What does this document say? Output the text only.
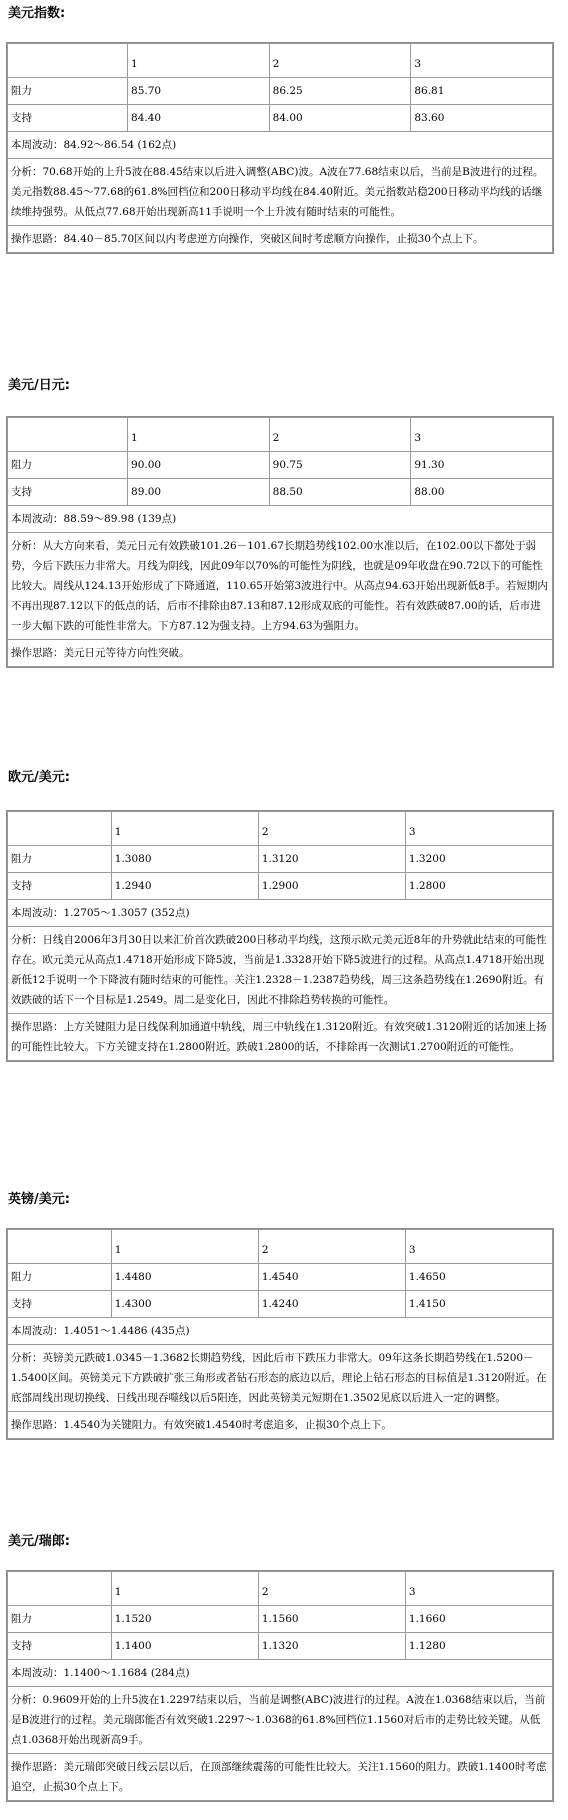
美元指数:
	1	2	3
阻力	85.70	86.25	86.81
支持	84.40	84.00	83.60
本周波动：84.92～86.54 (162点)			
分析：70.68开始的上升5波在88.45结束以后进入调整(ABC)波。A波在77.68结束以后，当前是B波进行的过程。美元指数88.45～77.68的61.8%回档位和200日移动平均线在84.40附近。美元指数站稳200日移动平均线的话继续维持强势。从低点77.68开始出现新高11手说明一个上升波有随时结束的可能性。			
操作思路：84.40－85.70区间以内考虑逆方向操作，突破区间时考虑顺方向操作，止损30个点上下。			
美元/日元:
	1	2	3
阻力	90.00	90.75	91.30
支持	89.00	88.50	88.00
本周波动：88.59～89.98 (139点)			
分析：从大方向来看，美元日元有效跌破101.26－101.67长期趋势线102.00水准以后，在102.00以下都处于弱势，今后下跌压力非常大。月线为阴线，因此09年以70%的可能性为阴线，也就是09年收盘在90.72以下的可能性比较大。周线从124.13开始形成了下降通道，110.65开始第3波进行中。从高点94.63开始出现新低8手。若短期内不再出现87.12以下的低点的话，后市不排除由87.13和87.12形成双底的可能性。若有效跌破87.00的话，后市进一步大幅下跌的可能性非常大。下方87.12为强支持。上方94.63为强阻力。			
操作思路：美元日元等待方向性突破。			
欧元/美元:
	1	2	3
阻力	1.3080	1.3120	1.3200
支持	1.2940	1.2900	1.2800
本周波动：1.2705～1.3057 (352点)			
分析：日线自2006年3月30日以来汇价首次跌破200日移动平均线，这预示欧元美元近8年的升势就此结束的可能性存在。欧元美元从高点1.4718开始形成下降5波，当前是1.3328开始下降5波进行的过程。从高点1.4718开始出现新低12手说明一个下降波有随时结束的可能性。关注1.2328－1.2387趋势线，周三这条趋势线在1.2690附近。有效跌破的话下一个目标是1.2549。周二是变化日，因此不排除趋势转换的可能性。			
操作思路：上方关键阻力是日线保利加通道中轨线，周三中轨线在1.3120附近。有效突破1.3120附近的话加速上扬的可能性比较大。下方关键支持在1.2800附近。跌破1.2800的话，不排除再一次测试1.2700附近的可能性。			
英镑/美元:
	1	2	3
阻力	1.4480	1.4540	1.4650
支持	1.4300	1.4240	1.4150
本周波动：1.4051～1.4486 (435点)			
分析：英镑美元跌破1.0345－1.3682长期趋势线，因此后市下跌压力非常大。09年这条长期趋势线在1.5200－1.5400区间。英镑美元下方跌破扩张三角形或者钻石形态的底边以后，理论上钻石形态的目标值是1.3120附近。在底部周线出现切换线、日线出现吞噬线以后5阳连，因此英镑美元短期在1.3502见底以后进入一定的调整。			
操作思路：1.4540为关键阻力。有效突破1.4540时考虑追多，止损30个点上下。			
美元/瑞郎:
	1	2	3
阻力	1.1520	1.1560	1.1660
支持	1.1400	1.1320	1.1280
本周波动：1.1400～1.1684 (284点)			
分析：0.9609开始的上升5波在1.2297结束以后，当前是调整(ABC)波进行的过程。A波在1.0368结束以后，当前是B波进行的过程。美元瑞郎能否有效突破1.2297～1.0368的61.8%回档位1.1560对后市的走势比较关键。从低点1.0368开始出现新高9手。			
操作思路：美元瑞郎突破日线云层以后，在顶部继续震荡的可能性比较大。关注1.1560的阻力。跌破1.1400时考虑追空，止损30个点上下。			
